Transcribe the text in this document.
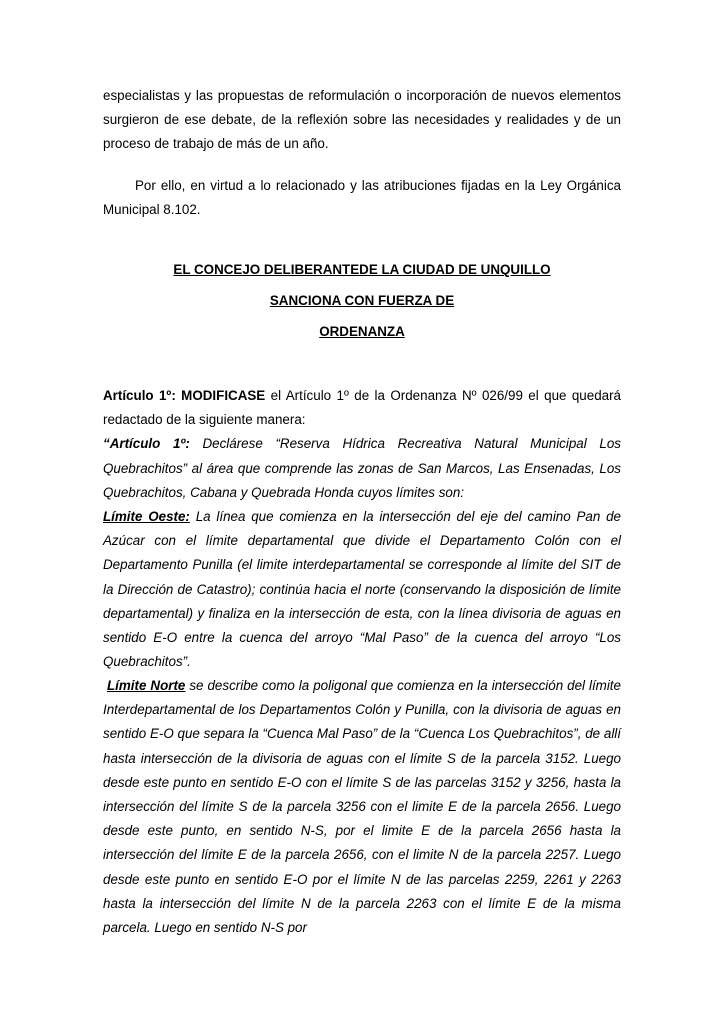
especialistas y las propuestas de reformulación o incorporación de nuevos elementos surgieron de ese debate, de la reflexión sobre las necesidades y realidades y de un proceso de trabajo de más de un año.

Por ello, en virtud a lo relacionado y las atribuciones fijadas en la Ley Orgánica Municipal 8.102.

EL CONCEJO DELIBERANTEDE LA CIUDAD DE UNQUILLO

SANCIONA CON FUERZA DE

ORDENANZA

Artículo 1º: MODIFICASE el Artículo 1º de la Ordenanza Nº 026/99 el que quedará redactado de la siguiente manera:

“Artículo 1º: Declárese “Reserva Hídrica Recreativa Natural Municipal Los Quebrachitos” al área que comprende las zonas de San Marcos, Las Ensenadas, Los Quebrachitos, Cabana y Quebrada Honda cuyos límites son:

Límite Oeste: La línea que comienza en la intersección del eje del camino Pan de Azúcar con el límite departamental que divide el Departamento Colón con el Departamento Punilla (el limite interdepartamental se corresponde al límite del SIT de la Dirección de Catastro); continúa hacia el norte (conservando la disposición de límite departamental) y finaliza en la intersección de esta, con la línea divisoria de aguas en sentido E-O entre la cuenca del arroyo “Mal Paso” de la cuenca del arroyo “Los Quebrachitos”.

Límite Norte se describe como la poligonal que comienza en la intersección del límite Interdepartamental de los Departamentos Colón y Punilla, con la divisoria de aguas en sentido E-O que separa la “Cuenca Mal Paso” de la “Cuenca Los Quebrachitos”, de allí hasta intersección de la divisoria de aguas con el límite S de la parcela 3152. Luego desde este punto en sentido E-O con el límite S de las parcelas 3152 y 3256, hasta la intersección del límite S de la parcela 3256 con el limite E de la parcela 2656. Luego desde este punto, en sentido N-S, por el limite E de la parcela 2656 hasta la intersección del límite E de la parcela 2656, con el limite N de la parcela 2257. Luego desde este punto en sentido E-O por el límite N de las parcelas 2259, 2261 y 2263 hasta la intersección del límite N de la parcela 2263 con el límite E de la misma parcela. Luego en sentido N-S por
